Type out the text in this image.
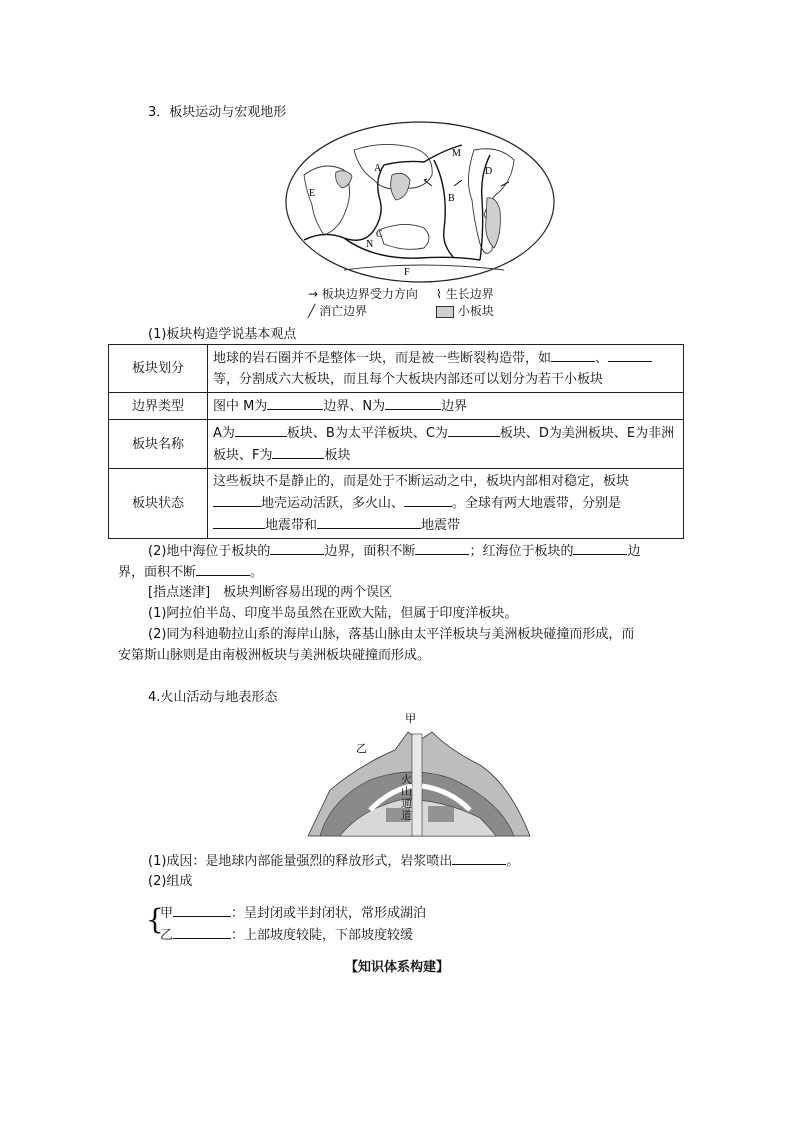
3．板块运动与宏观地形
M
D
A
E	B
C
N
F
→ 板块边界受力方向 ⌇ 生长边界
╱ 消亡边界	小板块
(1)板块构造学说基本观点
板块划分	地球的岩石圈并不是整体一块，而是被一些断裂构造带，如 、
等，分割成六大板块，而且每个大板块内部还可以划分为若干小板块
边界类型	图中 M为 边界、N为 边界
板块名称	A为 板块、B为太平洋板块、C为 板块、D为美洲板块、E为非洲板块、F为 板块
板块状态	这些板块不是静止的，而是处于不断运动之中，板块内部相对稳定，板块
地壳运动活跃，多火山、 。全球有两大地震带，分别是
地震带和 地震带
(2)地中海位于板块的	边界，面积不断	；红海位于板块的	边
界，面积不断	。
[指点迷津]　板块判断容易出现的两个误区
(1)阿拉伯半岛、印度半岛虽然在亚欧大陆，但属于印度洋板块。
(2)同为科迪勒拉山系的海岸山脉，落基山脉由太平洋板块与美洲板块碰撞而形成，而
安第斯山脉则是由南极洲板块与美洲板块碰撞而形成。
4.火山活动与地表形态
甲
乙
火山通道
(1)成因：是地球内部能量强烈的释放形式，岩浆喷出	。
(2)组成
{
甲	：呈封闭或半封闭状，常形成湖泊
乙	：上部坡度较陡，下部坡度较缓
【知识体系构建】
